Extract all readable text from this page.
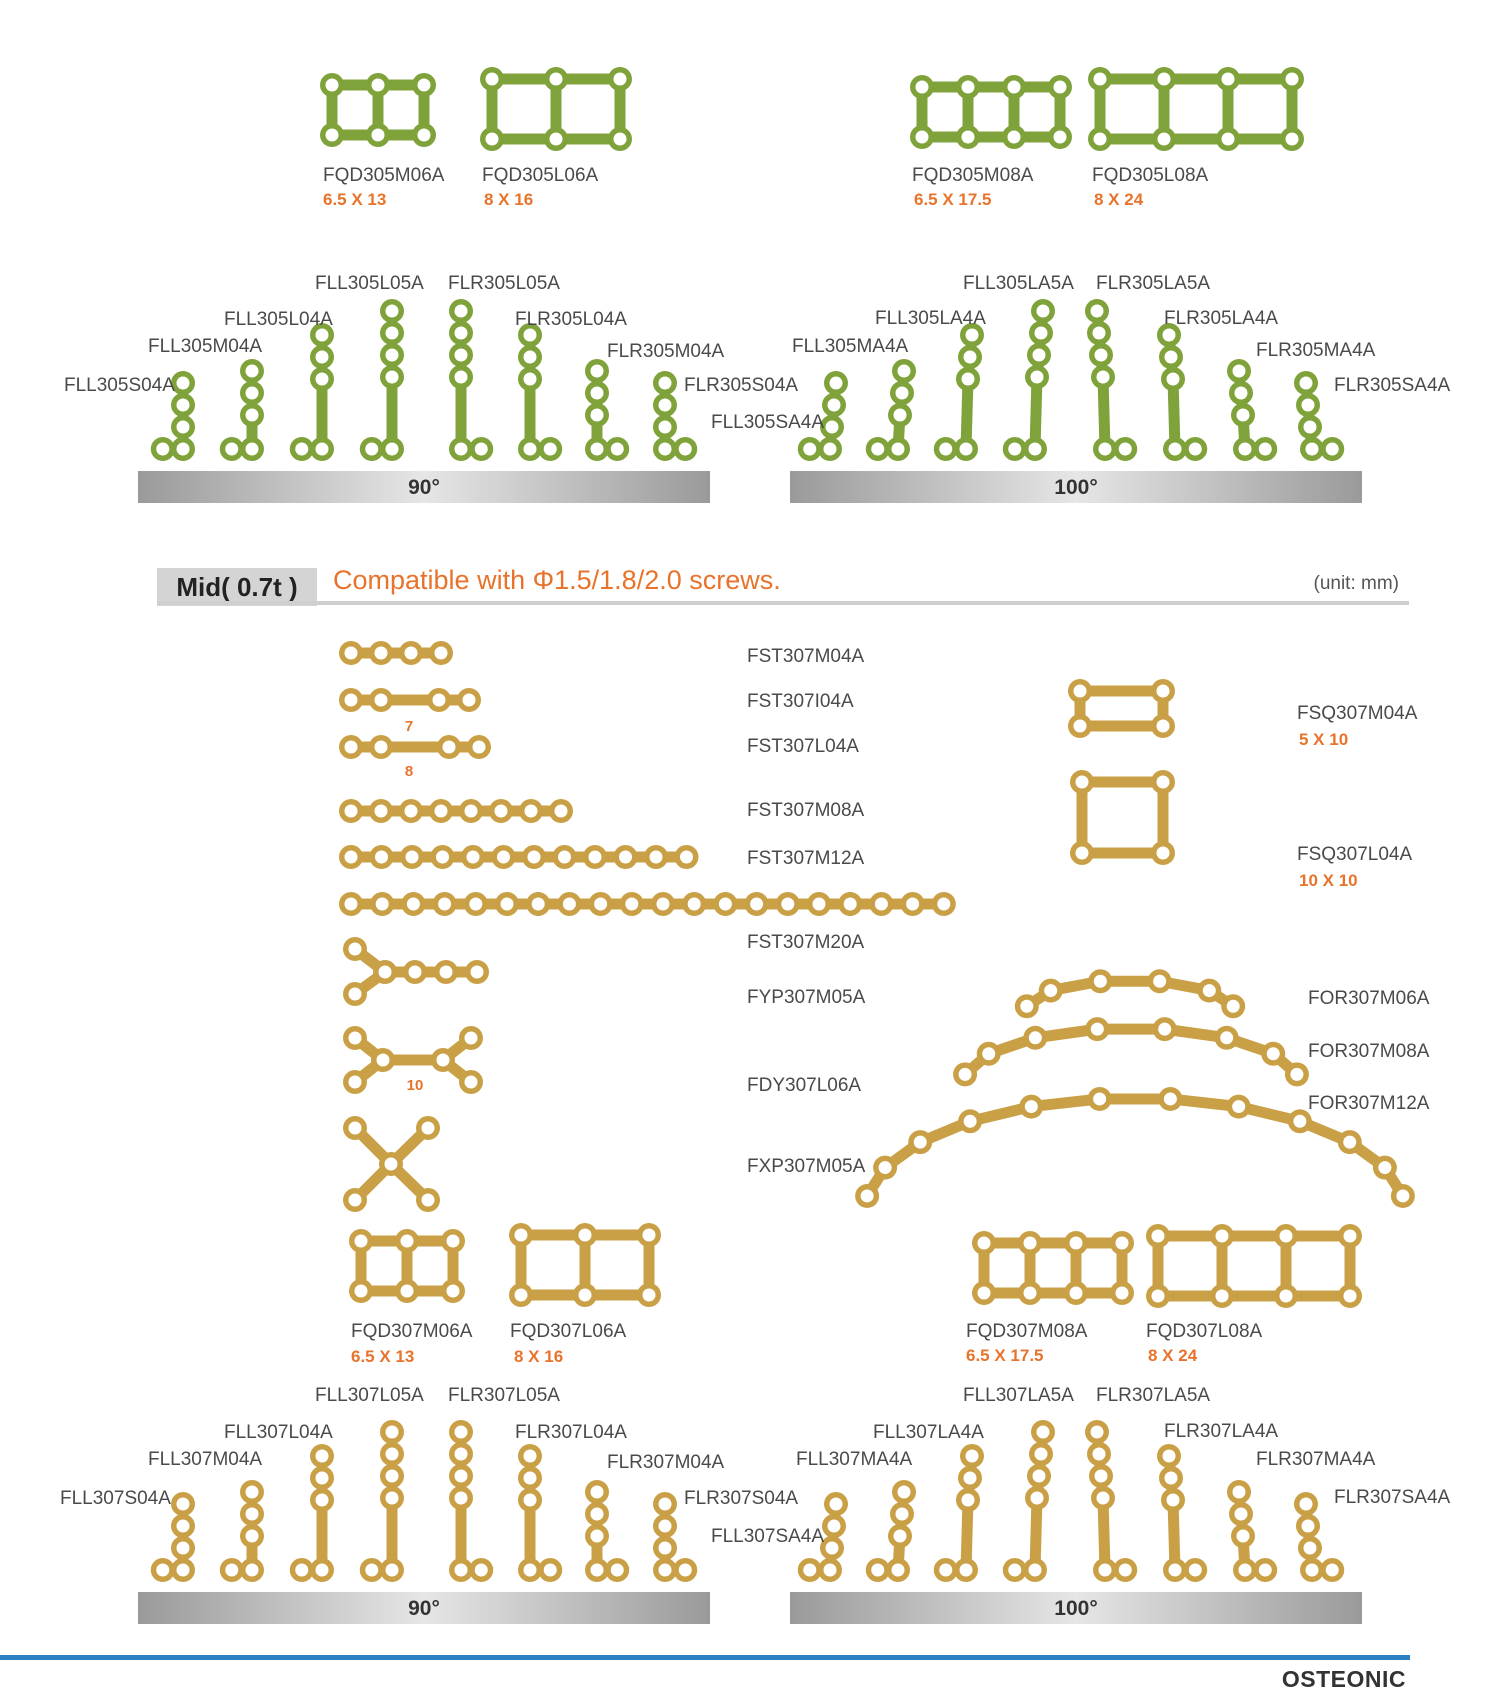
FQD305M06A
6.5 X 13
FQD305L06A
8 X 16
FQD305M08A
6.5 X 17.5
FQD305L08A
8 X 24
90°	100°
FLL305S04A
FLL305M04A
FLL305L04A
FLL305L05A FLR305L05A
FLR305L04A
FLR305M04A
FLR305S04A
FLL305SA4A
FLL305MA4A
FLL305LA4A
FLL305LA5A FLR305LA5A
FLR305LA4A
FLR305MA4A
FLR305SA4A
FST307M04A
FST307I04A
7
FST307L04A
8
FST307M08A
FST307M12A
FST307M20A
FYP307M05A
10	FDY307L06A
FXP307M05A
FSQ307M04A
5 X 10
FSQ307L04A
10 X 10
FOR307M06A
FOR307M08A
FOR307M12A
FQD307M06A
6.5 X 13
FQD307L06A
8 X 16
FQD307M08A
6.5 X 17.5
FQD307L08A
8 X 24
90°	100°
FLL307S04A
FLL307M04A
FLL307L04A
FLL307L05A FLR307L05A
FLR307L04A
FLR307M04A
FLR307S04A
FLL307SA4A
FLL307MA4A
FLL307LA4A
FLL307LA5A FLR307LA5A
FLR307LA4A
FLR307MA4A
FLR307SA4A
Mid( 0.7t )	Compatible with Φ1.5/1.8/2.0 screws.	(unit: mm)
OSTEONIC
